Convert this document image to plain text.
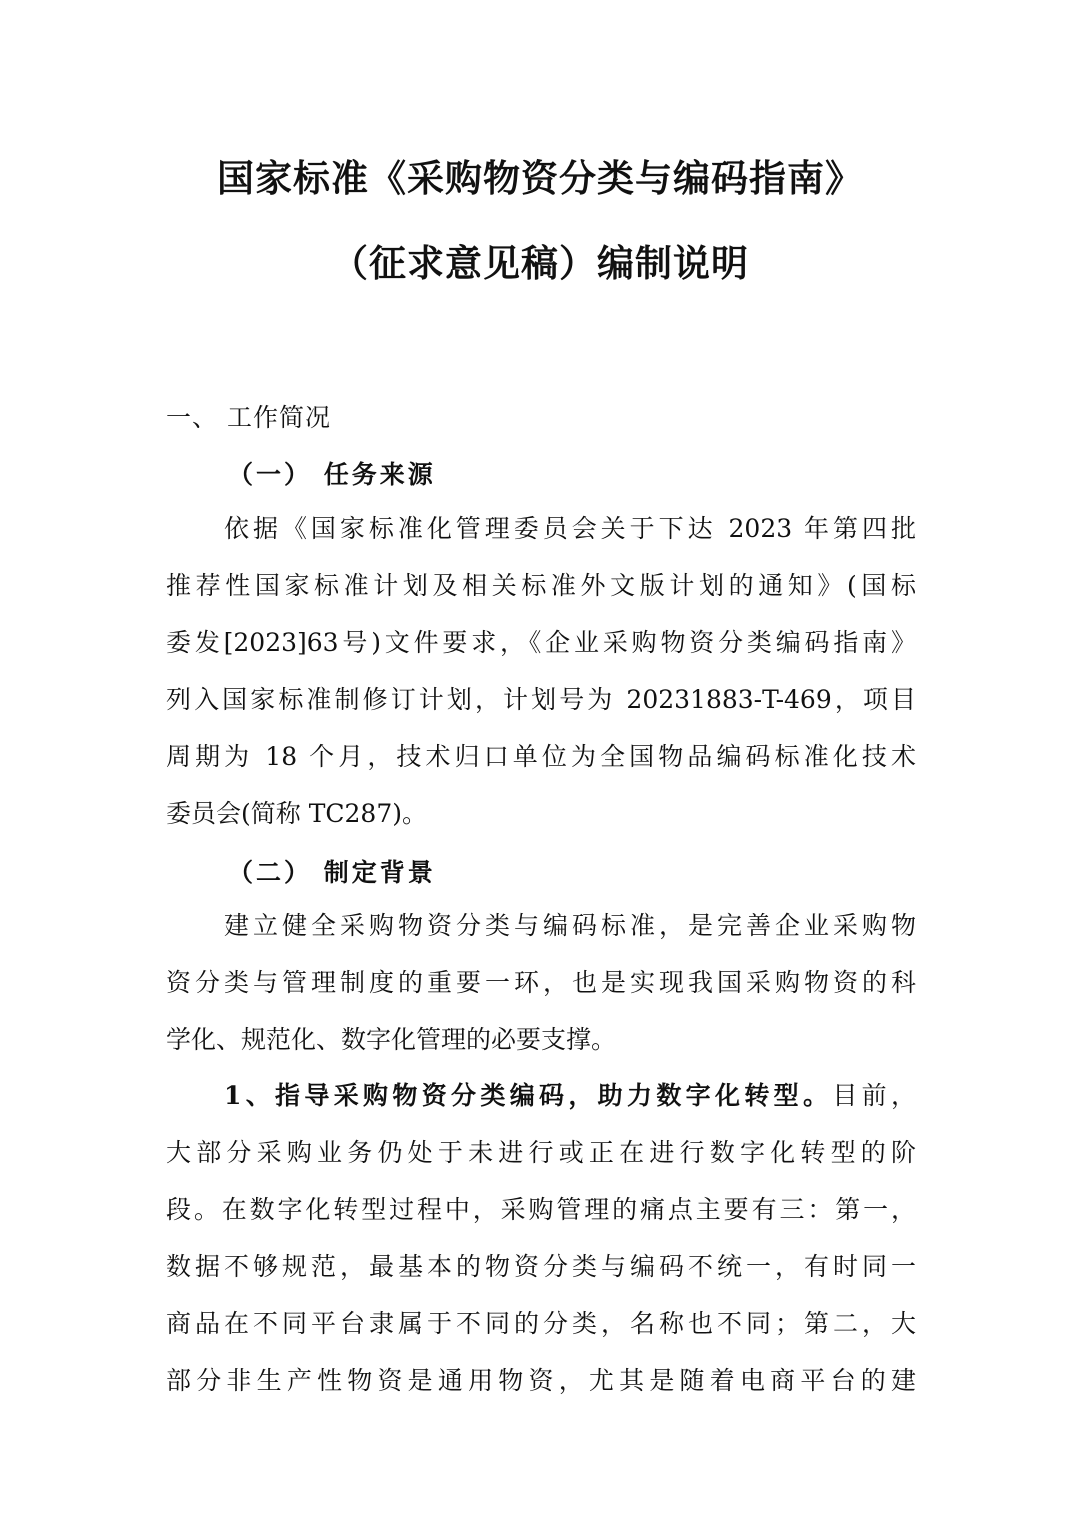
国家标准《采购物资分类与编码指南》
（征求意见稿）编制说明
一、 工作简况
（一） 任务来源
依据《国家标准化管理委员会关于下达 2023 年第四批
推荐性国家标准计划及相关标准外文版计划的通知》(国标
委发[2023]63号)文件要求，《企业采购物资分类编码指南》
列入国家标准制修订计划，计划号为 20231883-T-469，项目
周期为 18 个月，技术归口单位为全国物品编码标准化技术
委员会(简称 TC287)。
（二） 制定背景
建立健全采购物资分类与编码标准，是完善企业采购物
资分类与管理制度的重要一环，也是实现我国采购物资的科
学化、规范化、数字化管理的必要支撑。
1、指导采购物资分类编码，助力数字化转型。目前，
大部分采购业务仍处于未进行或正在进行数字化转型的阶
段。在数字化转型过程中，采购管理的痛点主要有三：第一，
数据不够规范，最基本的物资分类与编码不统一，有时同一
商品在不同平台隶属于不同的分类，名称也不同；第二，大
部分非生产性物资是通用物资，尤其是随着电商平台的建
